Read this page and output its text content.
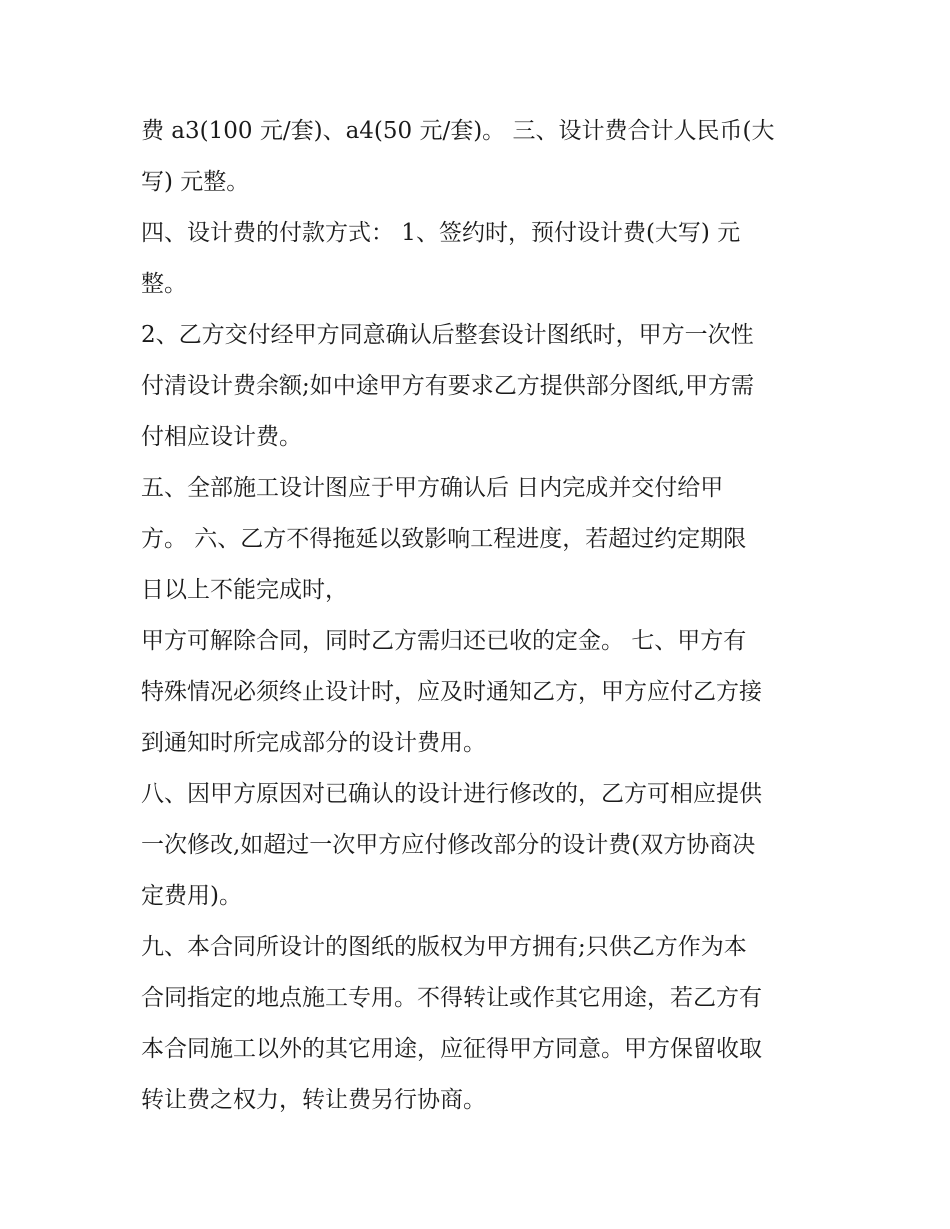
费 a3(100 元/套)、a4(50 元/套)。 三、设计费合计人民币(大
写) 元整。
四、设计费的付款方式： 1、签约时，预付设计费(大写) 元
整。
2、乙方交付经甲方同意确认后整套设计图纸时，甲方一次性
付清设计费余额;如中途甲方有要求乙方提供部分图纸,甲方需
付相应设计费。
五、全部施工设计图应于甲方确认后 日内完成并交付给甲
方。 六、乙方不得拖延以致影响工程进度，若超过约定期限
日以上不能完成时，
甲方可解除合同，同时乙方需归还已收的定金。 七、甲方有
特殊情况必须终止设计时，应及时通知乙方，甲方应付乙方接
到通知时所完成部分的设计费用。
八、因甲方原因对已确认的设计进行修改的，乙方可相应提供
一次修改,如超过一次甲方应付修改部分的设计费(双方协商决
定费用)。
九、本合同所设计的图纸的版权为甲方拥有;只供乙方作为本
合同指定的地点施工专用。不得转让或作其它用途，若乙方有
本合同施工以外的其它用途，应征得甲方同意。甲方保留收取
转让费之权力，转让费另行协商。
